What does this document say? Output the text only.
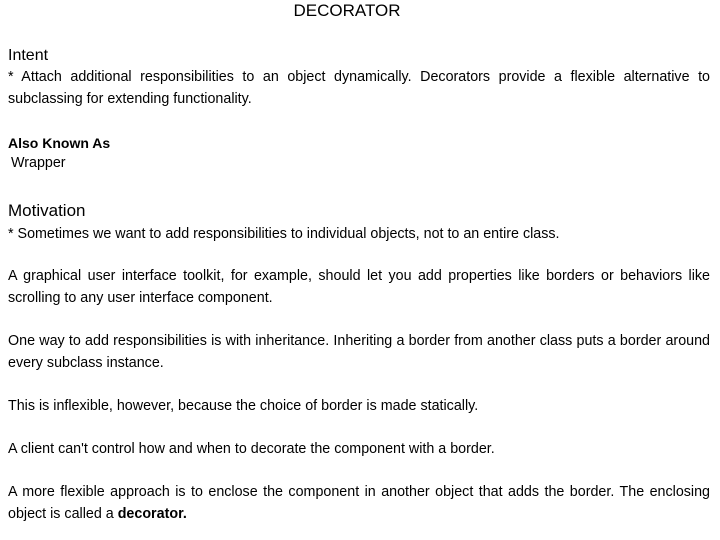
DECORATOR
Intent
* Attach additional responsibilities to an object dynamically. Decorators provide a flexible alternative to subclassing for extending functionality.
Also Known As
Wrapper
Motivation
* Sometimes we want to add responsibilities to individual objects, not to an entire class.
A graphical user interface toolkit, for example, should let you add properties like borders or behaviors like scrolling to any user interface component.
One way to add responsibilities is with inheritance. Inheriting a border from another class puts a border around every subclass instance.
This is inflexible, however, because the choice of border is made statically.
A client can't control how and when to decorate the component with a border.
A more flexible approach is to enclose the component in another object that adds the border. The enclosing object is called a decorator.
